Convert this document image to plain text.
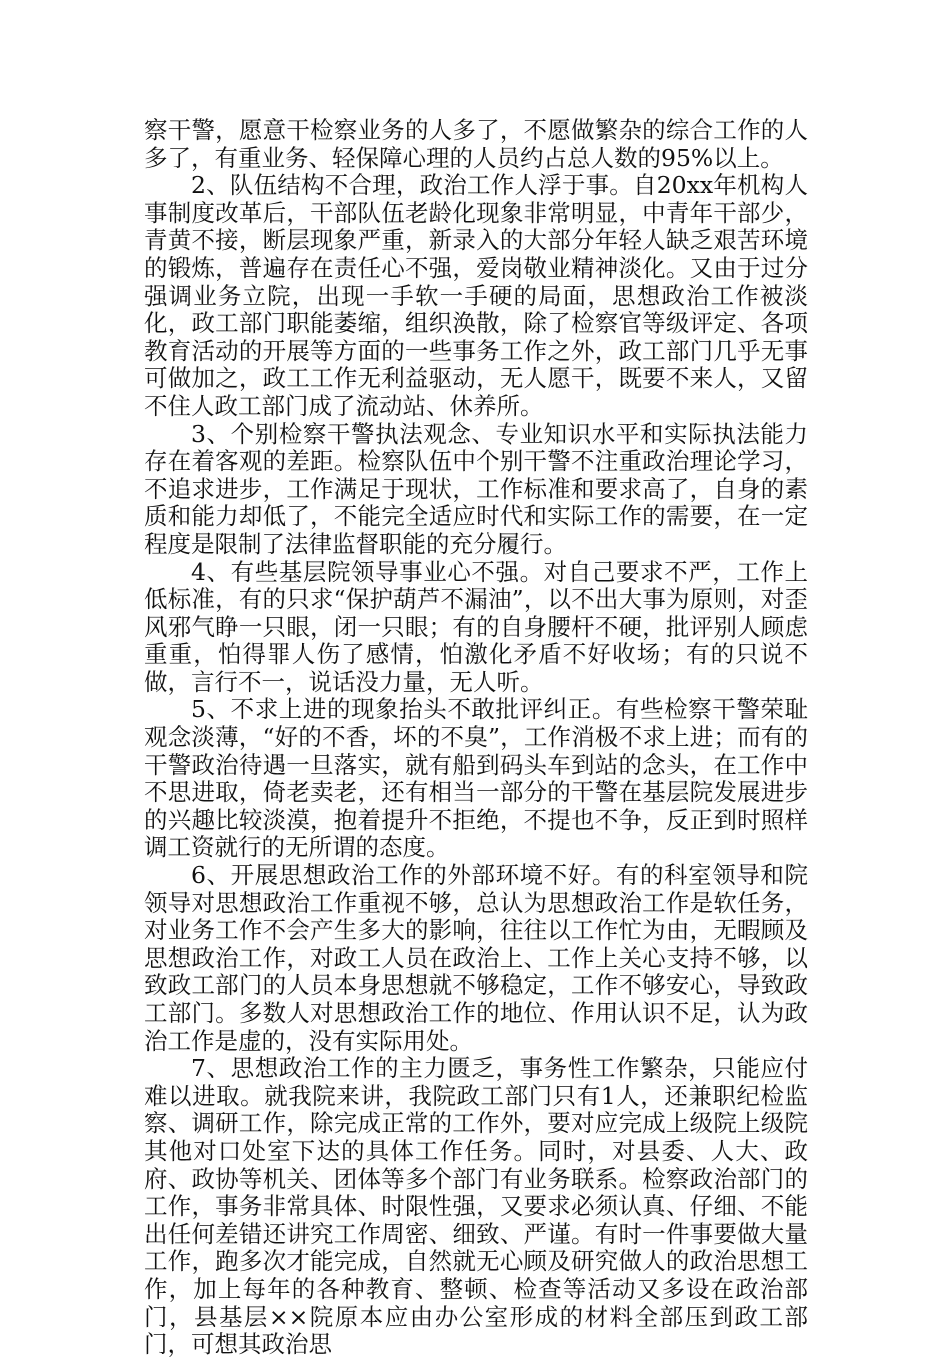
察干警，愿意干检察业务的人多了，不愿做繁杂的综合工作的人多了，有重业务、轻保障心理的人员约占总人数的95%以上。

2、队伍结构不合理，政治工作人浮于事。自20xx年机构人事制度改革后，干部队伍老龄化现象非常明显，中青年干部少，青黄不接，断层现象严重，新录入的大部分年轻人缺乏艰苦环境的锻炼，普遍存在责任心不强，爱岗敬业精神淡化。又由于过分强调业务立院，出现一手软一手硬的局面，思想政治工作被淡化，政工部门职能萎缩，组织涣散，除了检察官等级评定、各项教育活动的开展等方面的一些事务工作之外，政工部门几乎无事可做加之，政工工作无利益驱动，无人愿干，既要不来人，又留不住人政工部门成了流动站、休养所。

3、个别检察干警执法观念、专业知识水平和实际执法能力存在着客观的差距。检察队伍中个别干警不注重政治理论学习，不追求进步，工作满足于现状，工作标准和要求高了，自身的素质和能力却低了，不能完全适应时代和实际工作的需要，在一定程度是限制了法律监督职能的充分履行。

4、有些基层院领导事业心不强。对自己要求不严，工作上低标准，有的只求“保护葫芦不漏油”，以不出大事为原则，对歪风邪气睁一只眼，闭一只眼；有的自身腰杆不硬，批评别人顾虑重重，怕得罪人伤了感情，怕激化矛盾不好收场；有的只说不做，言行不一，说话没力量，无人听。

5、不求上进的现象抬头不敢批评纠正。有些检察干警荣耻观念淡薄，“好的不香，坏的不臭”，工作消极不求上进；而有的干警政治待遇一旦落实，就有船到码头车到站的念头，在工作中不思进取，倚老卖老，还有相当一部分的干警在基层院发展进步的兴趣比较淡漠，抱着提升不拒绝，不提也不争，反正到时照样调工资就行的无所谓的态度。

6、开展思想政治工作的外部环境不好。有的科室领导和院领导对思想政治工作重视不够，总认为思想政治工作是软任务，对业务工作不会产生多大的影响，往往以工作忙为由，无暇顾及思想政治工作，对政工人员在政治上、工作上关心支持不够，以致政工部门的人员本身思想就不够稳定，工作不够安心，导致政工部门。多数人对思想政治工作的地位、作用认识不足，认为政治工作是虚的，没有实际用处。

7、思想政治工作的主力匮乏，事务性工作繁杂，只能应付难以进取。就我院来讲，我院政工部门只有1人，还兼职纪检监察、调研工作，除完成正常的工作外，要对应完成上级院上级院其他对口处室下达的具体工作任务。同时，对县委、人大、政府、政协等机关、团体等多个部门有业务联系。检察政治部门的工作，事务非常具体、时限性强，又要求必须认真、仔细、不能出任何差错还讲究工作周密、细致、严谨。有时一件事要做大量工作，跑多次才能完成，自然就无心顾及研究做人的政治思想工作，加上每年的各种教育、整顿、检查等活动又多设在政治部门，县基层××院原本应由办公室形成的材料全部压到政工部门，可想其政治思
